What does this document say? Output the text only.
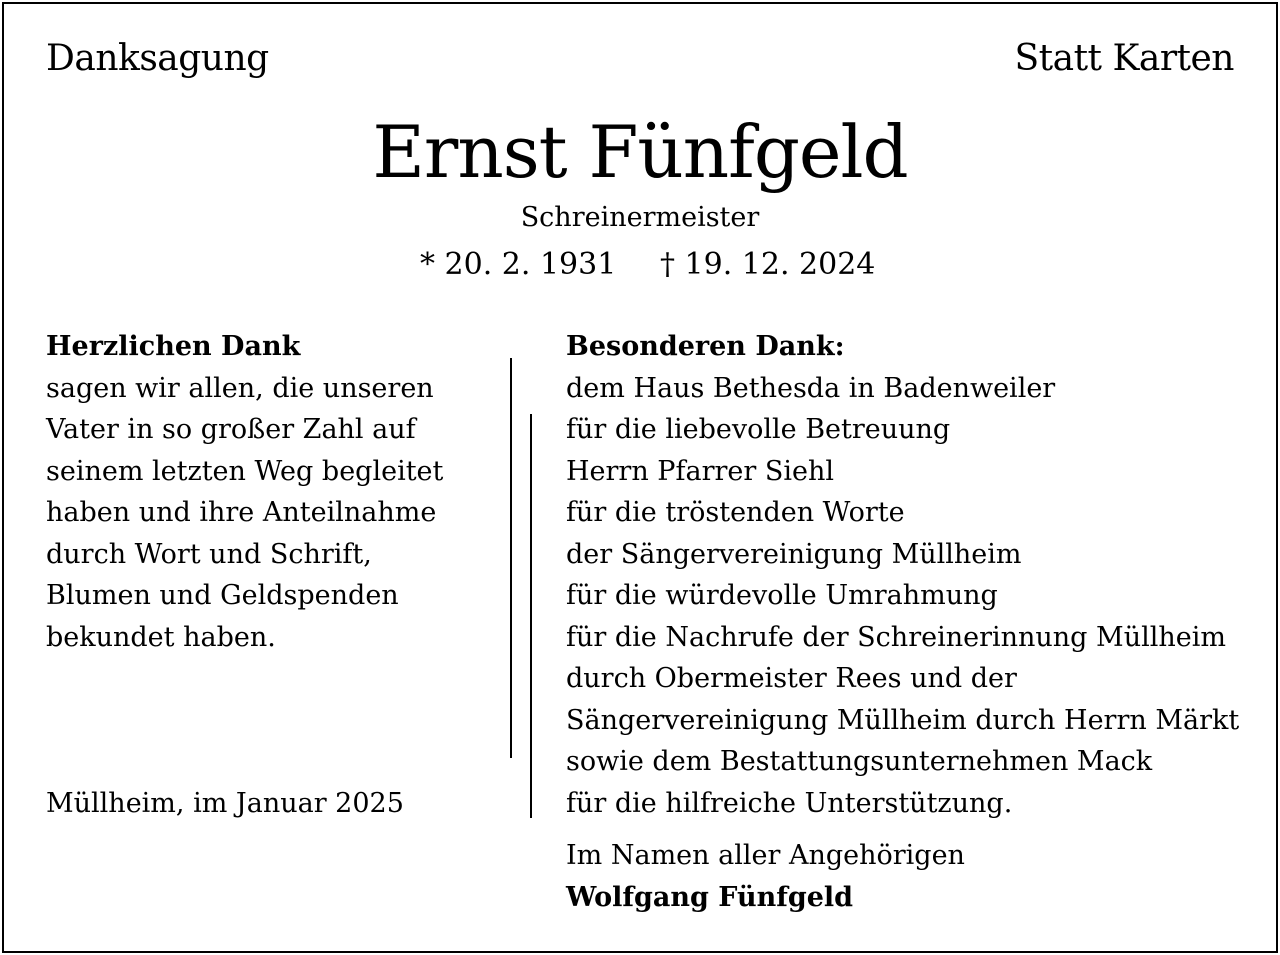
Danksagung	Statt Karten
Ernst Fünfgeld
Schreinermeister
* 20. 2. 1931 † 19. 12. 2024

Herzlichen Dank

sagen wir allen, die unseren

Vater in so großer Zahl auf

seinem letzten Weg begleitet

haben und ihre Anteilnahme

durch Wort und Schrift,

Blumen und Geldspenden

bekundet haben.

Müllheim, im Januar 2025

Besonderen Dank:

dem Haus Bethesda in Badenweiler

für die liebevolle Betreuung

Herrn Pfarrer Siehl

für die tröstenden Worte

der Sängervereinigung Müllheim

für die würdevolle Umrahmung

für die Nachrufe der Schreinerinnung Müllheim

durch Obermeister Rees und der

Sängervereinigung Müllheim durch Herrn Märkt

sowie dem Bestattungsunternehmen Mack

für die hilfreiche Unterstützung.

Im Namen aller Angehörigen

Wolfgang Fünfgeld
